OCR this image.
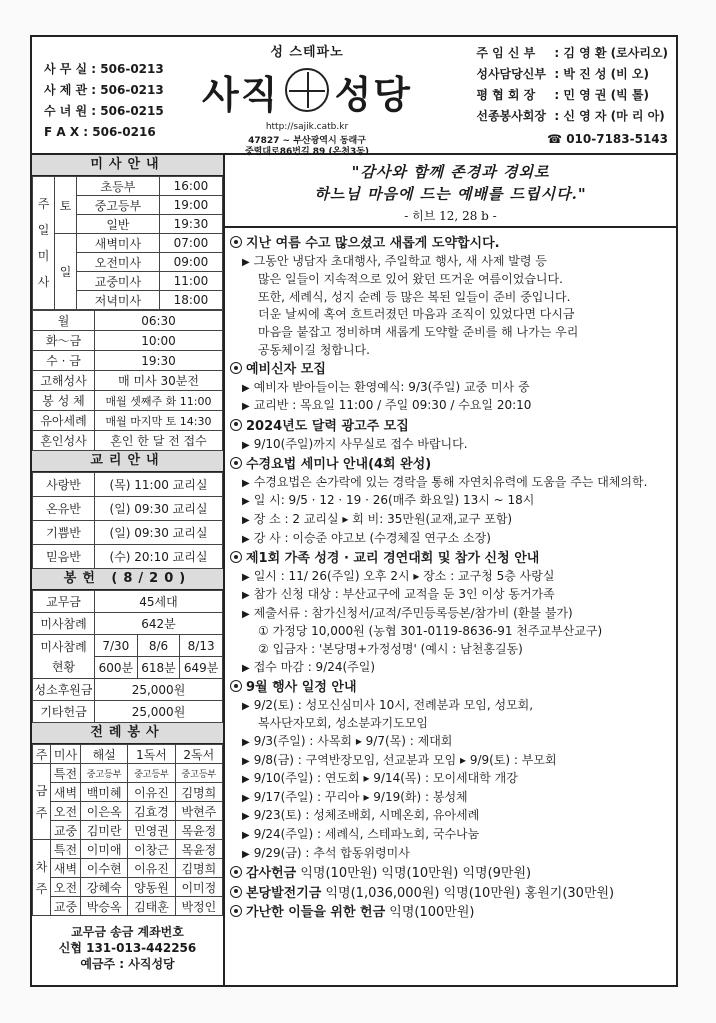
사 무 실 : 506-0213
사 제 관 : 506-0213
수 녀 원 : 506-0215
F A X : 506-0216
성 스테파노
사직 성당
http://sajik.catb.kr
47827 ~ 부산광역시 동래구
중렬대로86번길 89 (온천3동)
주 임 신 부	: 김 영 환 (로사리오)
성사담당신부 : 박 진 성 (비 오)
평 협 회 장	: 민 영 권 (빅 톨)
선종봉사회장 : 신 영 자 (마 리 아)
☎ 010-7183-5143
미사안내
주일미사	토	초등부	16:00
		중고등부	19:00
		일반	19:30
	일	새벽미사	07:00
		오전미사	09:00
		교중미사	11:00
		저녁미사	18:00
월	06:30
화～금	10:00
수 · 금	19:30
고해성사	매 미사 30분전
봉 성 체	매월 셋째주 화 11:00
유아세례	매월 마지막 토 14:30
혼인성사	혼인 한 달 전 접수
교리안내
사랑반	(목) 11:00 교리실
온유반	(일) 09:30 교리실
기쁨반	(일) 09:30 교리실
믿음반	(수) 20:10 교리실
봉헌 (8/20)
교무금	45세대		
미사참례	642분		
미사참례
현황	7/30	8/6	8/13
	600분	618분	649분
성소후원금	25,000원		
기타헌금	25,000원		
전례봉사
주	미사	해설	1독서	2독서
금주	특전	중고등부	중고등부	중고등부
	새벽	백미혜	이유진	김명희
	오전	이은옥	김효경	박현주
	교중	김미란	민영권	목윤정
차주	특전	이미애	이창근	목윤정
	새벽	이수현	이유진	김명희
	오전	강혜숙	양동원	이미정
	교중	박승옥	김태훈	박정인
교무금 송금 계좌번호
신협 131-013-442256
예금주 : 사직성당
"감사와 함께 존경과 경외로
하느님 마음에 드는 예배를 드립시다."
- 히브 12, 28 b -
지난 여름 수고 많으셨고 새롭게 도약합시다.
▶ 그동안 냉담자 초대행사, 주일학교 행사, 새 사제 발령 등
많은 일들이 지속적으로 있어 왔던 뜨거운 여름이었습니다.
또한, 세례식, 성지 순례 등 많은 복된 일들이 준비 중입니다.
더운 날씨에 혹여 흐트러졌던 마음과 조직이 있었다면 다시금
마음을 붙잡고 정비하며 새롭게 도약할 준비를 해 나가는 우리
공동체이길 청합니다.
예비신자 모집
▶ 예비자 받아들이는 환영예식: 9/3(주일) 교중 미사 중
▶ 교리반 : 목요일 11:00 / 주일 09:30 / 수요일 20:10
2024년도 달력 광고주 모집
▶ 9/10(주일)까지 사무실로 접수 바랍니다.
수경요법 세미나 안내(4회 완성)
▶ 수경요법은 손가락에 있는 경락을 통해 자연치유력에 도움을 주는 대체의학.
▶ 일 시: 9/5 · 12 · 19 · 26(매주 화요일) 13시 ~ 18시
▶ 장 소 : 2 교리실 ▸ 회 비: 35만원(교재,교구 포함)
▶ 강 사 : 이승준 야고보 (수경체질 연구소 소장)
제1회 가족 성경 · 교리 경연대회 및 참가 신청 안내
▶ 일시 : 11/ 26(주일) 오후 2시 ▸ 장소 : 교구청 5층 사랑실
▶ 참가 신청 대상 : 부산교구에 교적을 둔 3인 이상 동거가족
▶ 제출서류 : 참가신청서/교적/주민등록등본/참가비 (환불 불가)
① 가정당 10,000원 (농협 301-0119-8636-91 천주교부산교구)
② 입금자 : '본당명+가정성명' (예시 : 남천홍길동)
▶ 접수 마감 : 9/24(주일)
9월 행사 일정 안내
▶ 9/2(토) : 성모신심미사 10시, 전례분과 모임, 성모회,
복사단자모회, 성소분과기도모임
▶ 9/3(주일) : 사목회 ▸ 9/7(목) : 제대회
▶ 9/8(금) : 구역반장모임, 선교분과 모임 ▸ 9/9(토) : 부모회
▶ 9/10(주일) : 연도회 ▸ 9/14(목) : 모이세대학 개강
▶ 9/17(주일) : 꾸리아 ▸ 9/19(화) : 봉성체
▶ 9/23(토) : 성체조배회, 시메온회, 유아세례
▶ 9/24(주일) : 세례식, 스테파노회, 국수나눔
▶ 9/29(금) : 추석 합동위령미사
감사헌금 익명(10만원) 익명(10만원) 익명(9만원)
본당발전기금 익명(1,036,000원) 익명(10만원) 홍원기(30만원)
가난한 이들을 위한 헌금 익명(100만원)
